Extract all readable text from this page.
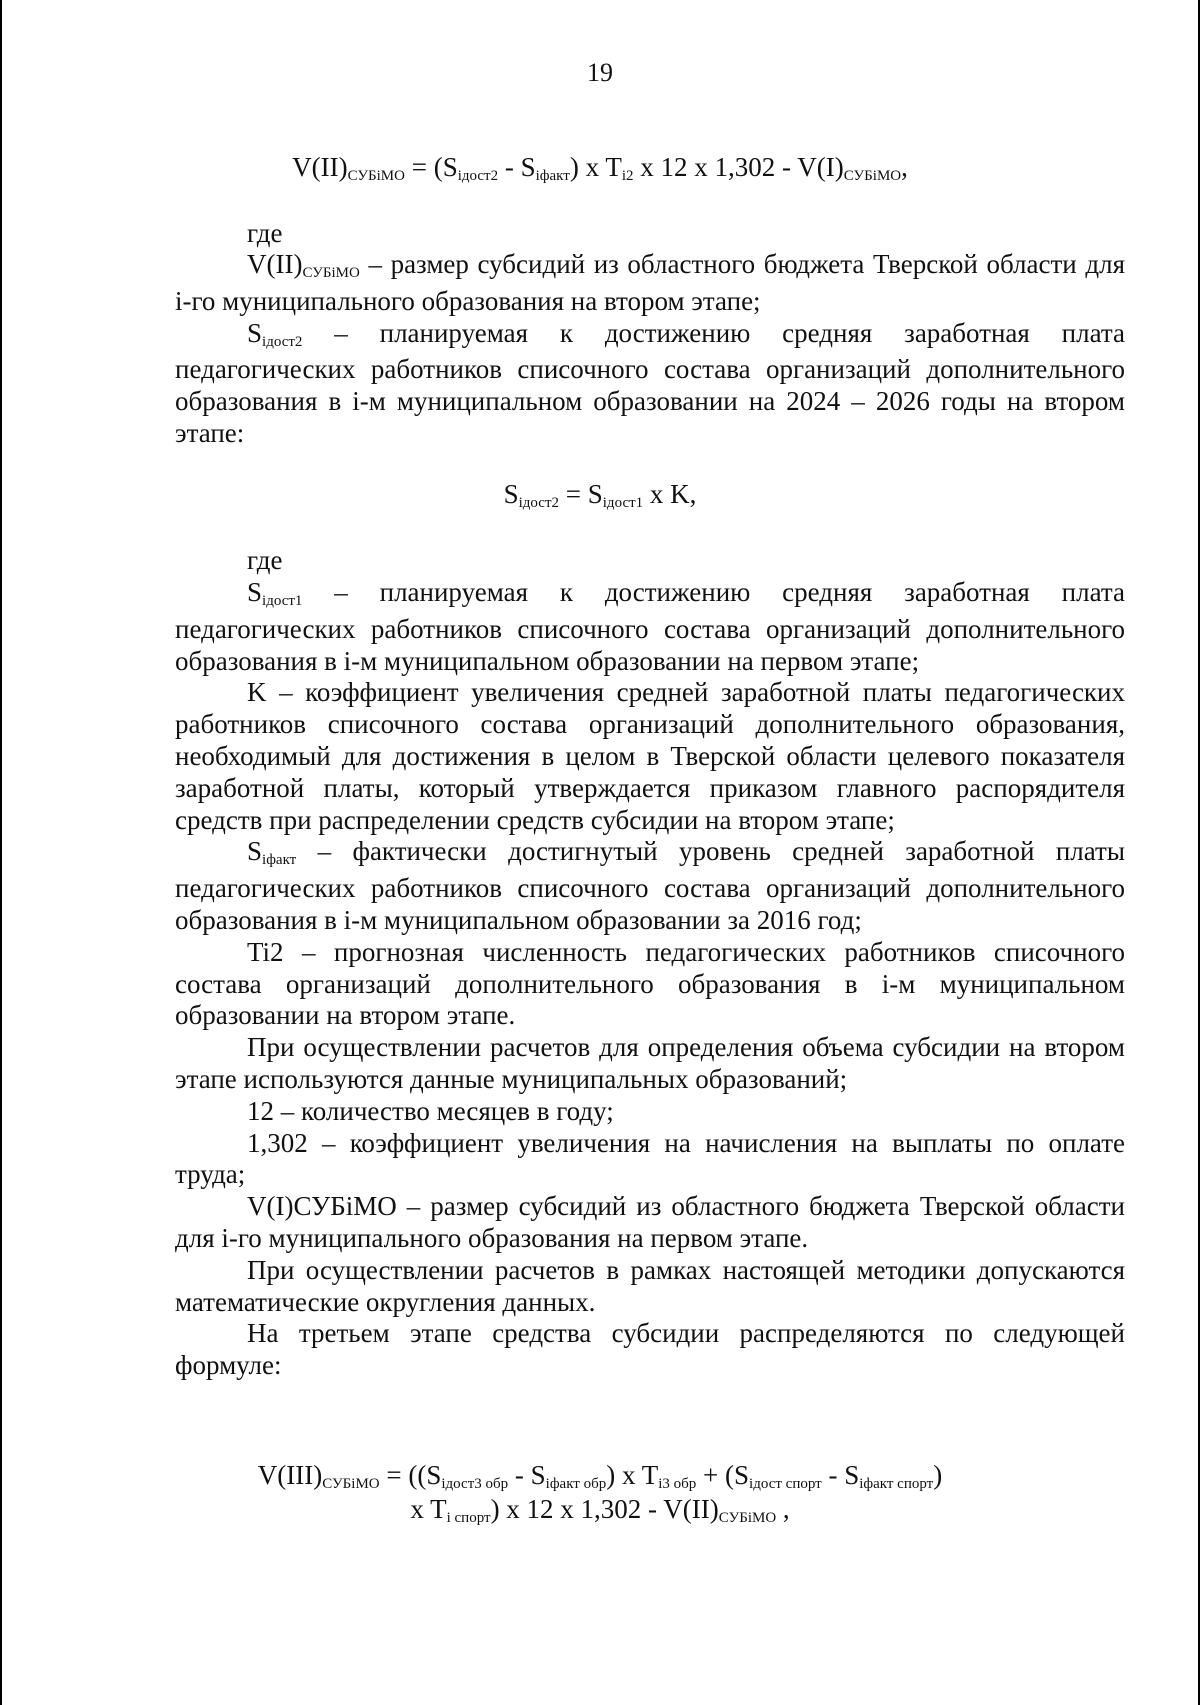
19
V(II)СУБiМО = (Siдост2 - Siфакт) x Ti2 x 12 x 1,302 - V(I)СУБiМО,
где

V(II)СУБiМО – размер субсидий из областного бюджета Тверской области для i-го муниципального образования на втором этапе;

Siдост2 – планируемая к достижению средняя заработная плата педагогических работников списочного состава организаций дополнительного образования в i-м муниципальном образовании на 2024 – 2026 годы на втором этапе:

Siдост2 = Siдост1 x K,
где

Siдост1 – планируемая к достижению средняя заработная плата педагогических работников списочного состава организаций дополнительного образования в i-м муниципальном образовании на первом этапе;

K – коэффициент увеличения средней заработной платы педагогических работников списочного состава организаций дополнительного образования, необходимый для достижения в целом в Тверской области целевого показателя заработной платы, который утверждается приказом главного распорядителя средств при распределении средств субсидии на втором этапе;

Siфакт – фактически достигнутый уровень средней заработной платы педагогических работников списочного состава организаций дополнительного образования в i-м муниципальном образовании за 2016 год;

Ti2 – прогнозная численность педагогических работников списочного состава организаций дополнительного образования в i-м муниципальном образовании на втором этапе.

При осуществлении расчетов для определения объема субсидии на втором этапе используются данные муниципальных образований;

12 – количество месяцев в году;

1,302 – коэффициент увеличения на начисления на выплаты по оплате труда;

V(I)СУБiМО – размер субсидий из областного бюджета Тверской области для i-го муниципального образования на первом этапе.

При осуществлении расчетов в рамках настоящей методики допускаются математические округления данных.

На третьем этапе средства субсидии распределяются по следующей формуле:

V(III)СУБiМО = ((Siдост3 обр - Siфакт обр) x Ti3 обр + (Siдост спорт - Siфакт спорт)
x Ti спорт) x 12 x 1,302 - V(II)СУБiМО ,
